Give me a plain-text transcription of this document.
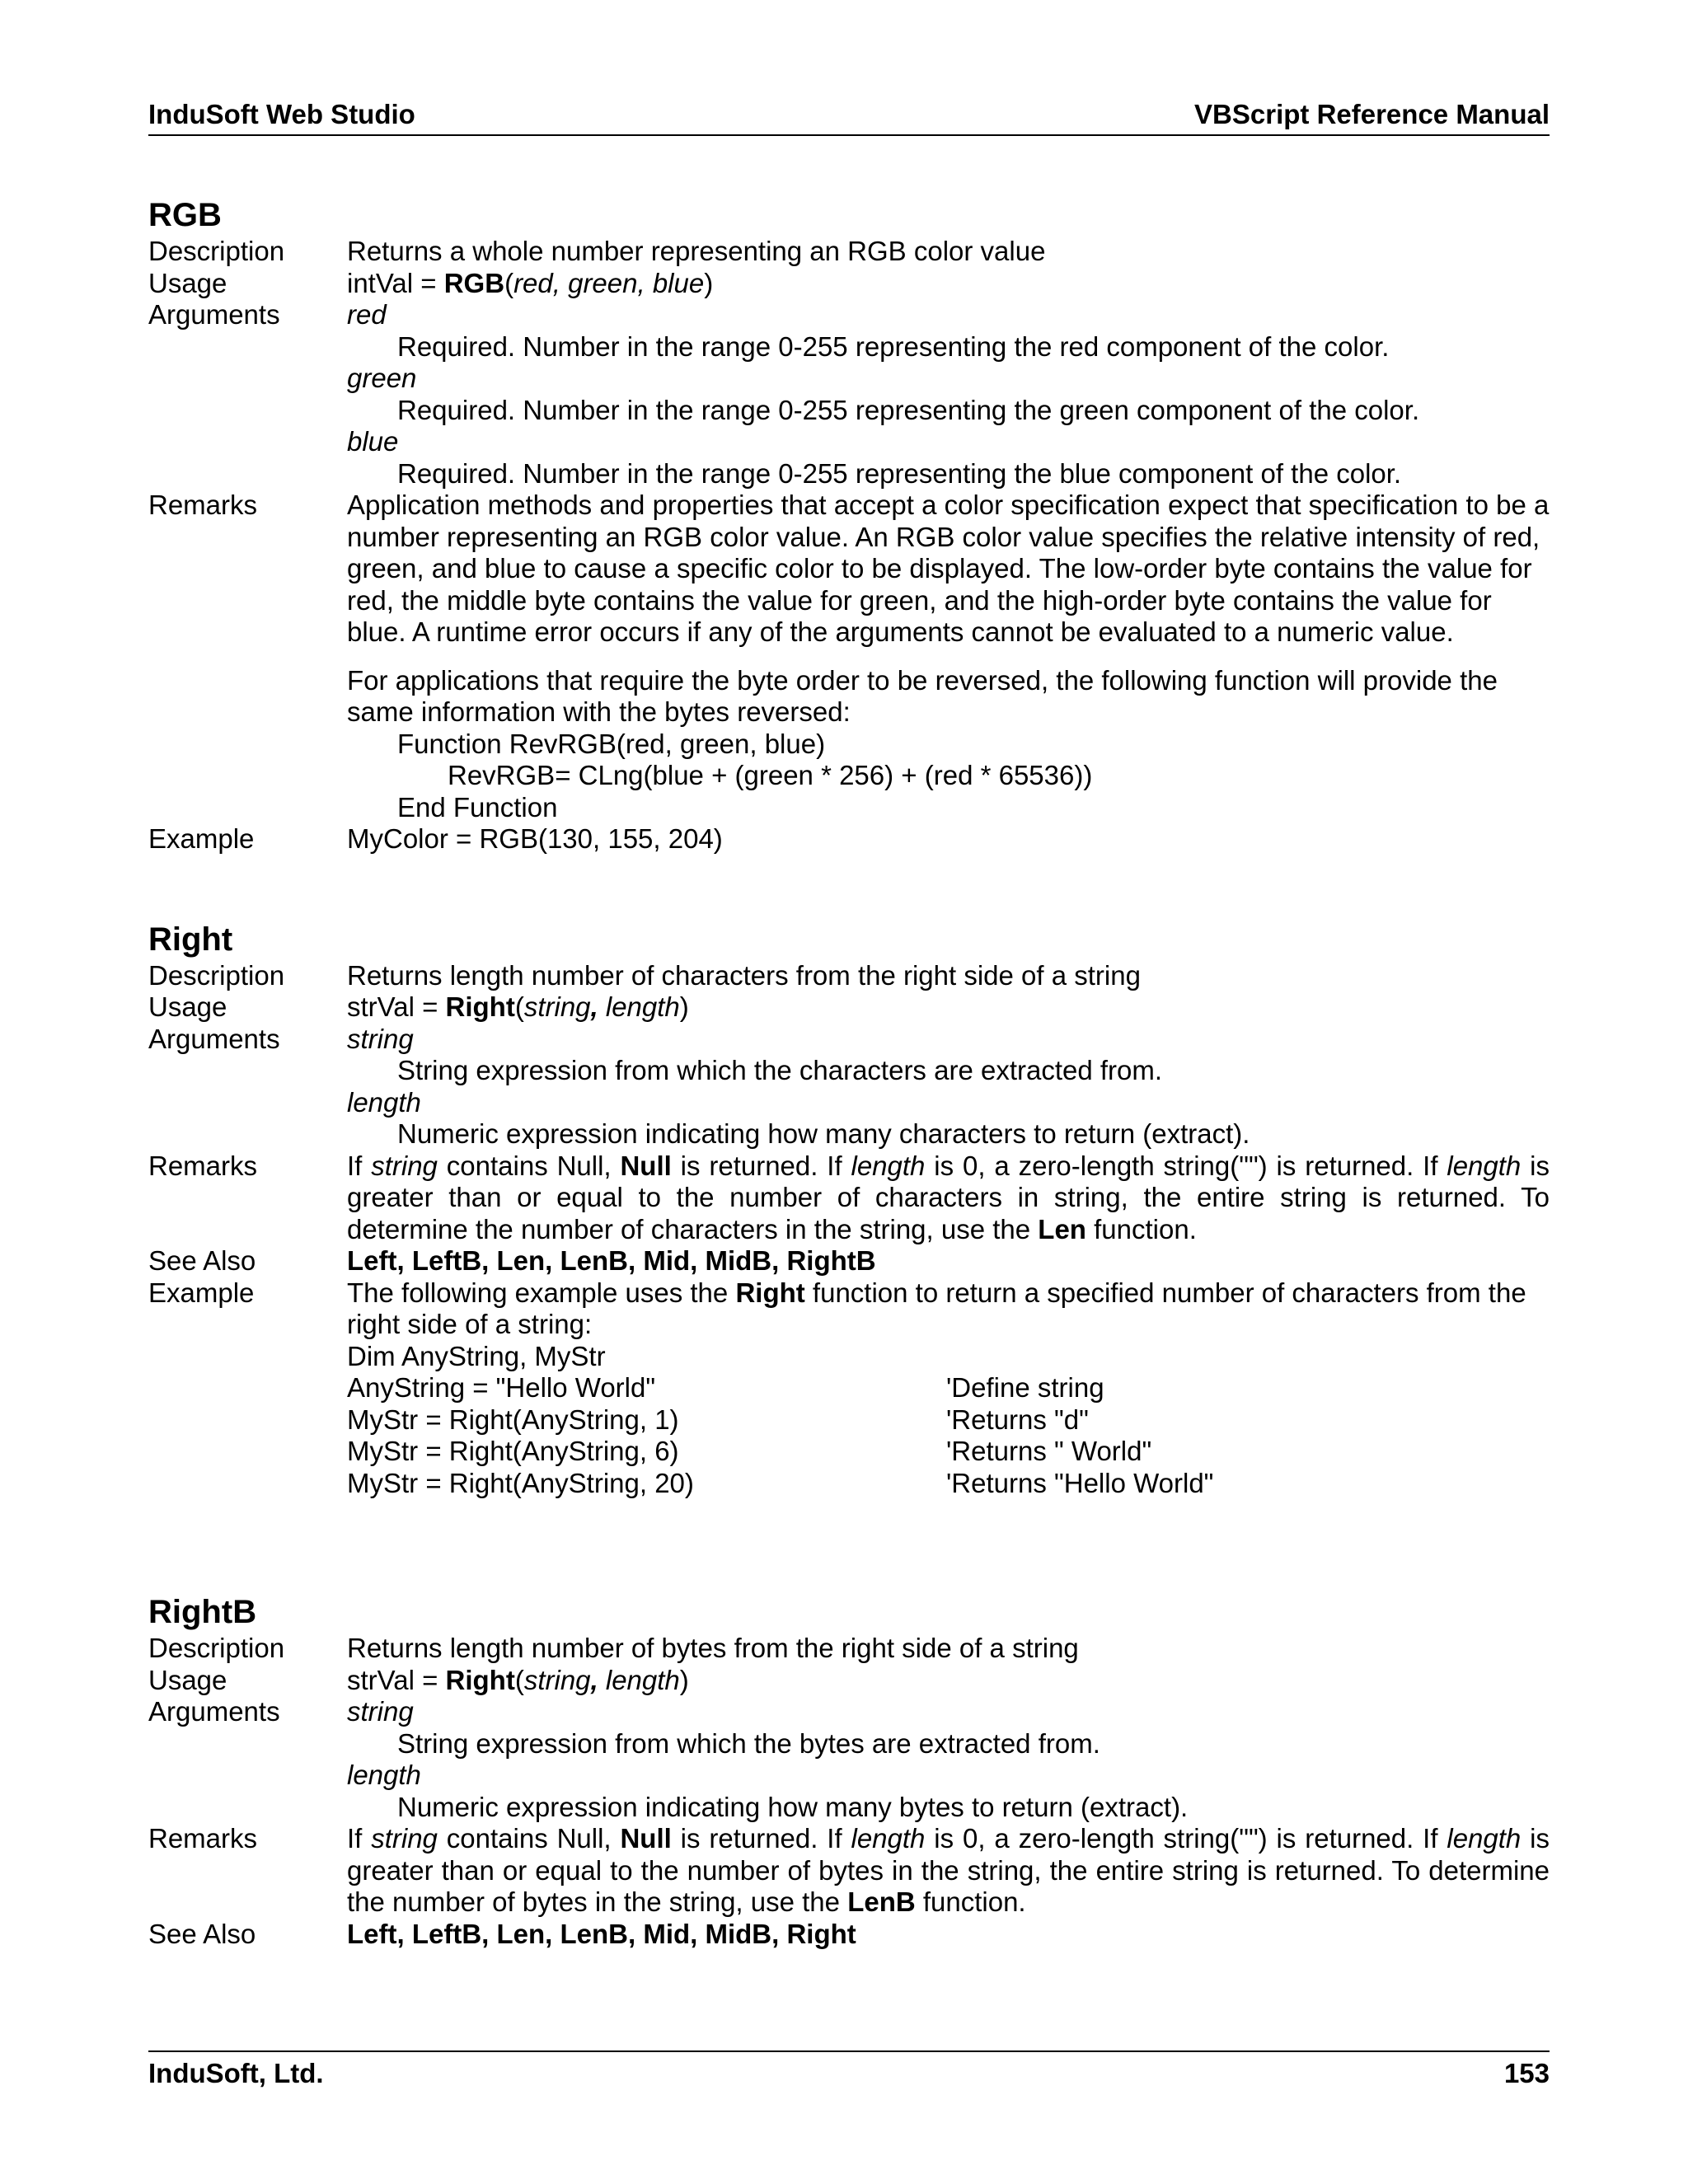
InduSoft Web Studio	VBScript Reference Manual
RGB
Description	Returns a whole number representing an RGB color value
Usage	intVal = RGB(red, green, blue)
Arguments	red
Required. Number in the range 0-255 representing the red component of the color.
green
Required. Number in the range 0-255 representing the green component of the color.
blue
Required. Number in the range 0-255 representing the blue component of the color.
Remarks	Application methods and properties that accept a color specification expect that specification to be a number representing an RGB color value. An RGB color value specifies the relative intensity of red, green, and blue to cause a specific color to be displayed. The low-order byte contains the value for red, the middle byte contains the value for green, and the high-order byte contains the value for blue. A runtime error occurs if any of the arguments cannot be evaluated to a numeric value.
For applications that require the byte order to be reversed, the following function will provide the same information with the bytes reversed:
Function RevRGB(red, green, blue)
RevRGB= CLng(blue + (green * 256) + (red * 65536))
End Function
Example	MyColor = RGB(130, 155, 204)
Right
Description	Returns length number of characters from the right side of a string
Usage	strVal = Right(string, length)
Arguments	string
String expression from which the characters are extracted from.
length
Numeric expression indicating how many characters to return (extract).
Remarks	If string contains Null, Null is returned. If length is 0, a zero-length string("") is returned. If length is greater than or equal to the number of characters in string, the entire string is returned. To determine the number of characters in the string, use the Len function.
See Also	Left, LeftB, Len, LenB, Mid, MidB, RightB
Example	The following example uses the Right function to return a specified number of characters from the right side of a string:
Dim AnyString, MyStr
AnyString = "Hello World"	'Define string
MyStr = Right(AnyString, 1)	'Returns "d"
MyStr = Right(AnyString, 6)	'Returns " World"
MyStr = Right(AnyString, 20)	'Returns "Hello World"
RightB
Description	Returns length number of bytes from the right side of a string
Usage	strVal = Right(string, length)
Arguments	string
String expression from which the bytes are extracted from.
length
Numeric expression indicating how many bytes to return (extract).
Remarks	If string contains Null, Null is returned. If length is 0, a zero-length string("") is returned. If length is greater than or equal to the number of bytes in the string, the entire string is returned. To determine the number of bytes in the string, use the LenB function.
See Also	Left, LeftB, Len, LenB, Mid, MidB, Right
InduSoft, Ltd.	153
